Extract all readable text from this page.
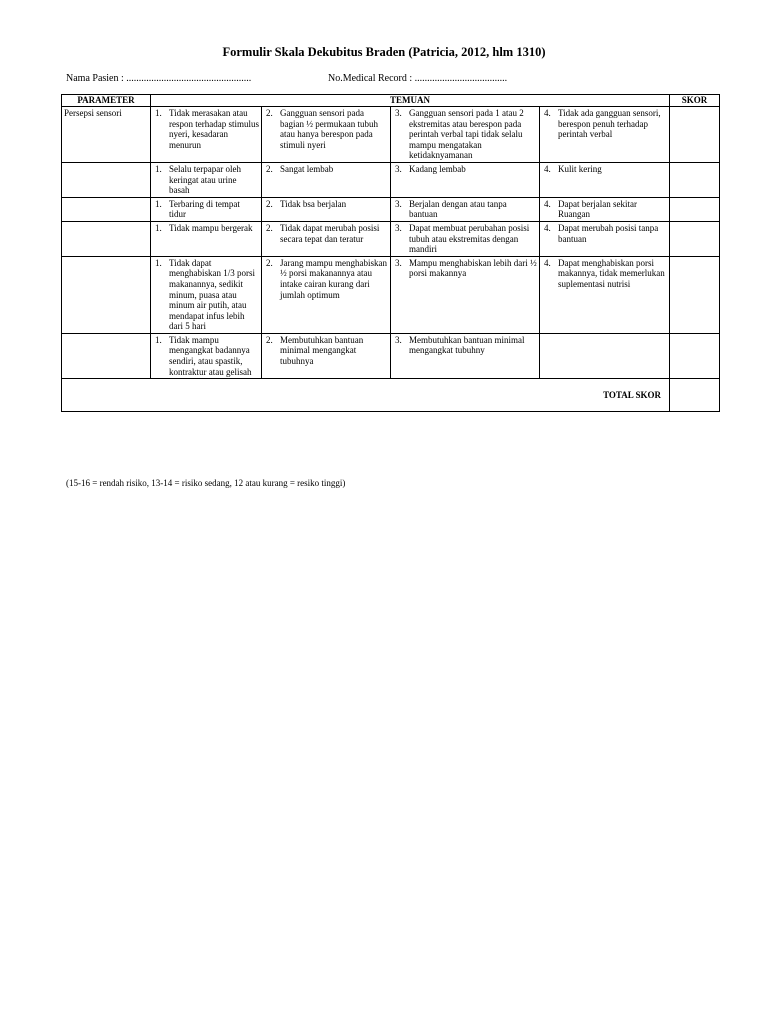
Formulir Skala Dekubitus Braden (Patricia, 2012, hlm 1310)
Nama Pasien : ..................................................	No.Medical Record : .....................................
PARAMETER	TEMUAN				SKOR
Persepsi sensori	1. Tidak merasakan atau respon terhadap stimulus nyeri, kesadaran menurun	2. Gangguan sensori pada bagian ½ permukaan tubuh atau hanya berespon pada stimuli nyeri	3. Gangguan sensori pada 1 atau 2 ekstremitas atau berespon pada perintah verbal tapi tidak selalu mampu mengatakan ketidaknyamanan	4. Tidak ada gangguan sensori, berespon penuh terhadap perintah verbal	

	1. Selalu terpapar oleh keringat atau urine basah	2. Sangat lembab	3. Kadang lembab	4. Kulit kering	

	1. Terbaring di tempat tidur	2. Tidak bsa berjalan	3. Berjalan dengan atau tanpa bantuan	4. Dapat berjalan sekitar Ruangan	

	1. Tidak mampu bergerak	2. Tidak dapat merubah posisi secara tepat dan teratur	3. Dapat membuat perubahan posisi tubuh atau ekstremitas dengan mandiri	4. Dapat merubah posisi tanpa bantuan	

	1. Tidak dapat menghabiskan 1/3 porsi makanannya, sedikit minum, puasa atau minum air putih, atau mendapat infus lebih dari 5 hari	2. Jarang mampu menghabiskan ½ porsi makanannya atau intake cairan kurang dari jumlah optimum	3. Mampu menghabiskan lebih dari ½ porsi makannya	4. Dapat menghabiskan porsi makannya, tidak memerlukan suplementasi nutrisi	

	1. Tidak mampu mengangkat badannya sendiri, atau spastik, kontraktur atau gelisah	2. Membutuhkan bantuan minimal mengangkat tubuhnya	3. Membutuhkan bantuan minimal mengangkat tubuhny		

TOTAL SKOR					
(15-16 = rendah risiko, 13-14 = risiko sedang, 12 atau kurang = resiko tinggi)
